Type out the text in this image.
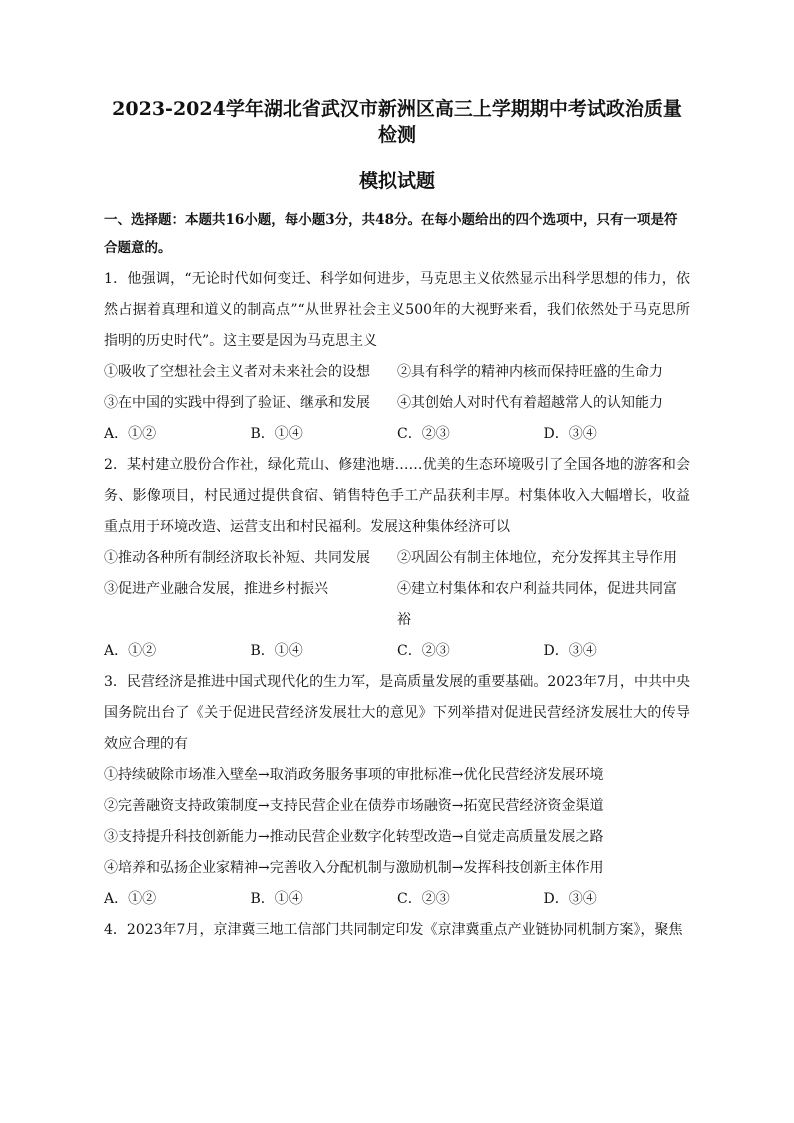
2023-2024学年湖北省武汉市新洲区高三上学期期中考试政治质量检测
模拟试题
一、选择题：本题共16小题，每小题3分，共48分。在每小题给出的四个选项中，只有一项是符合题意的。
1．他强调，“无论时代如何变迁、科学如何进步，马克思主义依然显示出科学思想的伟力，依然占据着真理和道义的制高点”“从世界社会主义500年的大视野来看，我们依然处于马克思所指明的历史时代”。这主要是因为马克思主义
①吸收了空想社会主义者对未来社会的设想	②具有科学的精神内核而保持旺盛的生命力
③在中国的实践中得到了验证、继承和发展	④其创始人对时代有着超越常人的认知能力
A．①②	B．①④	C．②③	D．③④
2．某村建立股份合作社，绿化荒山、修建池塘……优美的生态环境吸引了全国各地的游客和会务、影像项目，村民通过提供食宿、销售特色手工产品获利丰厚。村集体收入大幅增长，收益重点用于环境改造、运营支出和村民福利。发展这种集体经济可以
①推动各种所有制经济取长补短、共同发展	②巩固公有制主体地位，充分发挥其主导作用
③促进产业融合发展，推进乡村振兴	④建立村集体和农户利益共同体，促进共同富裕
A．①②	B．①④	C．②③	D．③④
3．民营经济是推进中国式现代化的生力军，是高质量发展的重要基础。2023年7月，中共中央国务院出台了《关于促进民营经济发展壮大的意见》下列举措对促进民营经济发展壮大的传导效应合理的有
①持续破除市场准入壁垒→取消政务服务事项的审批标准→优化民营经济发展环境
②完善融资支持政策制度→支持民营企业在债券市场融资→拓宽民营经济资金渠道
③支持提升科技创新能力→推动民营企业数字化转型改造→自觉走高质量发展之路
④培养和弘扬企业家精神→完善收入分配机制与激励机制→发挥科技创新主体作用
A．①②	B．①④	C．②③	D．③④
4．2023年7月，京津冀三地工信部门共同制定印发《京津冀重点产业链协同机制方案》，聚焦
